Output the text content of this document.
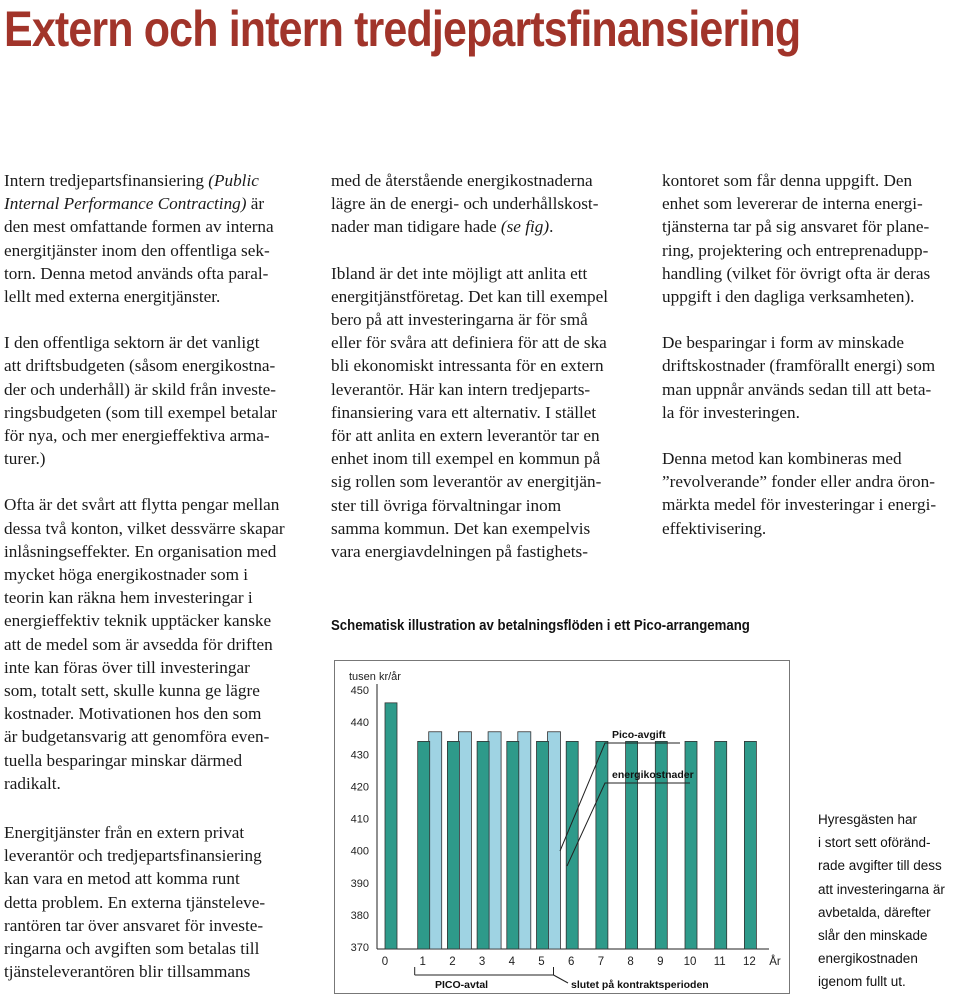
Extern och intern tredjepartsfinansiering

Intern tredjepartsfinansiering (Public
Internal Performance Contracting) är
den mest omfattande formen av interna
energitjänster inom den offentliga sek-
torn. Denna metod används ofta paral-
lellt med externa energitjänster.

I den offentliga sektorn är det vanligt
att driftsbudgeten (såsom energikostna-
der och underhåll) är skild från investe-
ringsbudgeten (som till exempel betalar
för nya, och mer energieffektiva arma-
turer.)

Ofta är det svårt att flytta pengar mellan
dessa två konton, vilket dessvärre skapar
inlåsningseffekter. En organisation med
mycket höga energikostnader som i
teorin kan räkna hem investeringar i
energieffektiv teknik upptäcker kanske
att de medel som är avsedda för driften
inte kan föras över till investeringar
som, totalt sett, skulle kunna ge lägre
kostnader. Motivationen hos den som
är budgetansvarig att genomföra even-
tuella besparingar minskar därmed
radikalt.

Energitjänster från en extern privat
leverantör och tredjepartsfinansiering
kan vara en metod att komma runt
detta problem. En externa tjänsteleve-
rantören tar över ansvaret för investe-
ringarna och avgiften som betalas till
tjänsteleverantören blir tillsammans

med de återstående energikostnaderna
lägre än de energi- och underhållskost-
nader man tidigare hade (se fig).

Ibland är det inte möjligt att anlita ett
energitjänstföretag. Det kan till exempel
bero på att investeringarna är för små
eller för svåra att definiera för att de ska
bli ekonomiskt intressanta för en extern
leverantör. Här kan intern tredjeparts-
finansiering vara ett alternativ. I stället
för att anlita en extern leverantör tar en
enhet inom till exempel en kommun på
sig rollen som leverantör av energitjän-
ster till övriga förvaltningar inom
samma kommun. Det kan exempelvis
vara energiavdelningen på fastighets-

kontoret som får denna uppgift. Den
enhet som levererar de interna energi-
tjänsterna tar på sig ansvaret för plane-
ring, projektering och entreprenadupp-
handling (vilket för övrigt ofta är deras
uppgift i den dagliga verksamheten).

De besparingar i form av minskade
driftskostnader (framförallt energi) som
man uppnår används sedan till att beta-
la för investeringen.

Denna metod kan kombineras med
”revolverande” fonder eller andra öron-
märkta medel för investeringar i energi-
effektivisering.

Schematisk illustration av betalningsflöden i ett Pico-arrangemang
tusen kr/år
370
380
390
400
410
420
430
440
450
0	1 2 3 4 5 6 7 8 9 10 11 12 År
PICO-avtal	slutet på kontraktsperioden
Pico-avgift
energikostnader
Hyresgästen har
i stort sett oföränd-
rade avgifter till dess
att investeringarna är
avbetalda, därefter
slår den minskade
energikostnaden
igenom fullt ut.
